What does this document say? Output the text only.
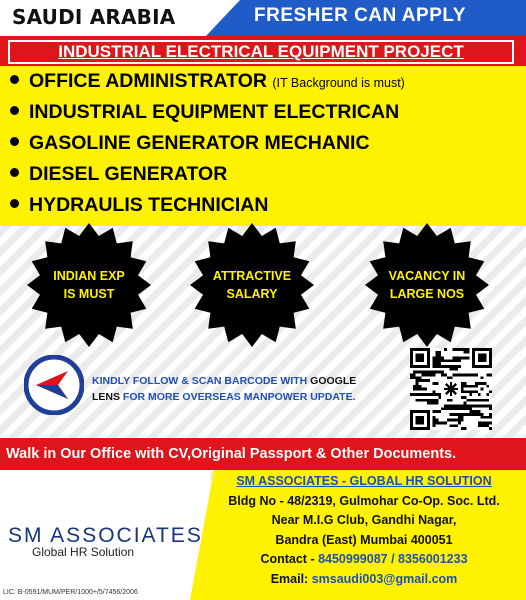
SAUDI ARABIA	FRESHER CAN APPLY
INDUSTRIAL ELECTRICAL EQUIPMENT PROJECT
OFFICE ADMINISTRATOR (IT Background is must)
INDUSTRIAL EQUIPMENT ELECTRICAN
GASOLINE GENERATOR MECHANIC
DIESEL GENERATOR
HYDRAULIS TECHNICIAN
INDIAN EXP
IS MUST
ATTRACTIVE
SALARY
VACANCY IN
LARGE NOS
KINDLY FOLLOW & SCAN BARCODE WITH GOOGLE
LENS FOR MORE OVERSEAS MANPOWER UPDATE.
Walk in Our Office with CV,Original Passport & Other Documents.
SM ASSOCIATES
Global HR Solution
LIC: B-0591/MUM/PER/1000+/5/7456/2006
SM ASSOCIATES - GLOBAL HR SOLUTION
Bldg No - 48/2319, Gulmohar Co-Op. Soc. Ltd.
Near M.I.G Club, Gandhi Nagar,
Bandra (East) Mumbai 400051
Contact - 8450999087 / 8356001233
Email: smsaudi003@gmail.com
